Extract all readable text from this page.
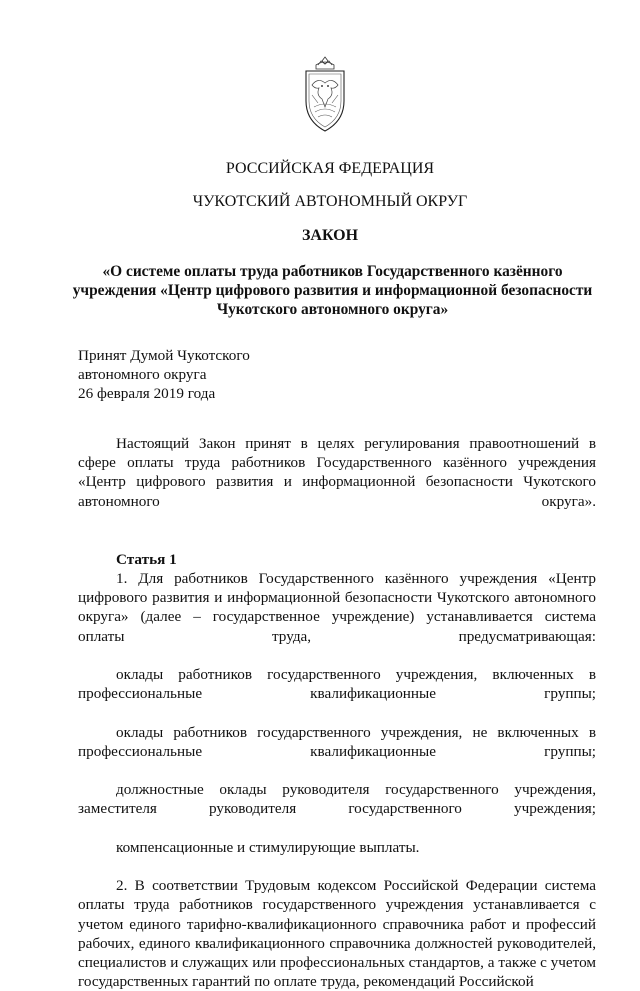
РОССИЙСКАЯ ФЕДЕРАЦИЯ
ЧУКОТСКИЙ АВТОНОМНЫЙ ОКРУГ
ЗАКОН
«О системе оплаты труда работников Государственного казённого учреждения «Центр цифрового развития и информационной безопасности Чукотского автономного округа»
Принят Думой Чукотского
автономного округа
26 февраля 2019 года
Настоящий Закон принят в целях регулирования правоотношений в сфере оплаты труда работников Государственного казённого учреждения «Центр цифрового развития и информационной безопасности Чукотского автономного округа».
Статья 1
1. Для работников Государственного казённого учреждения «Центр цифрового развития и информационной безопасности Чукотского автономного округа» (далее – государственное учреждение) устанавливается система оплаты труда, предусматривающая:
оклады работников государственного учреждения, включенных в профессиональные квалификационные группы;
оклады работников государственного учреждения, не включенных в профессиональные квалификационные группы;
должностные оклады руководителя государственного учреждения, заместителя руководителя государственного учреждения;
компенсационные и стимулирующие выплаты.
2. В соответствии Трудовым кодексом Российской Федерации система оплаты труда работников государственного учреждения устанавливается с учетом единого тарифно-квалификационного справочника работ и профессий рабочих, единого квалификационного справочника должностей руководителей, специалистов и служащих или профессиональных стандартов, а также с учетом государственных гарантий по оплате труда, рекомендаций Российской
